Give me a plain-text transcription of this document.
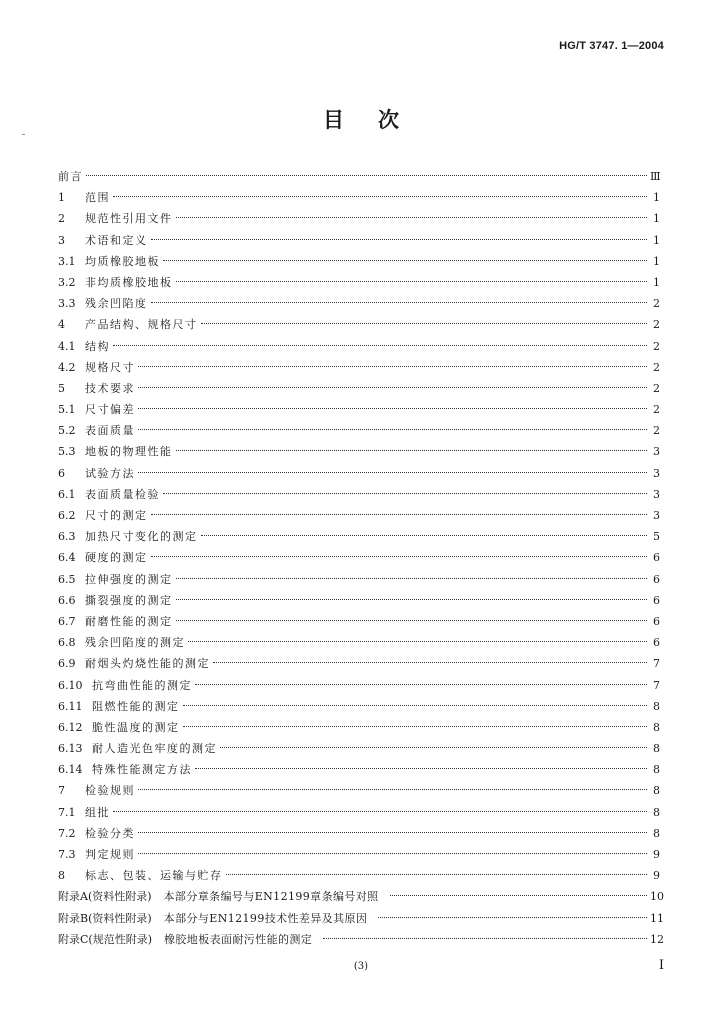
HG/T 3747. 1—2004
目次
前言	Ⅲ
1	范围	1
2	规范性引用文件	1
3	术语和定义	1
3.1 均质橡胶地板	1
3.2 非均质橡胶地板	1
3.3 残余凹陷度	2
4	产品结构、规格尺寸	2
4.1 结构	2
4.2 规格尺寸	2
5	技术要求	2
5.1 尺寸偏差	2
5.2 表面质量	2
5.3 地板的物理性能	3
6	试验方法	3
6.1 表面质量检验	3
6.2 尺寸的测定	3
6.3 加热尺寸变化的测定	5
6.4 硬度的测定	6
6.5 拉伸强度的测定	6
6.6 撕裂强度的测定	6
6.7 耐磨性能的测定	6
6.8 残余凹陷度的测定	6
6.9 耐烟头灼烧性能的测定	7
6.10 抗弯曲性能的测定	7
6.11 阻燃性能的测定	8
6.12 脆性温度的测定	8
6.13 耐人造光色牢度的测定	8
6.14 特殊性能测定方法	8
7	检验规则	8
7.1 组批	8
7.2 检验分类	8
7.3 判定规则	9
8	标志、包装、运输与贮存	9
附录A(资料性附录)	本部分章条编号与EN12199章条编号对照	10
附录B(资料性附录)	本部分与EN12199技术性差异及其原因	11
附录C(规范性附录)	橡胶地板表面耐污性能的测定	12
(3)	I
